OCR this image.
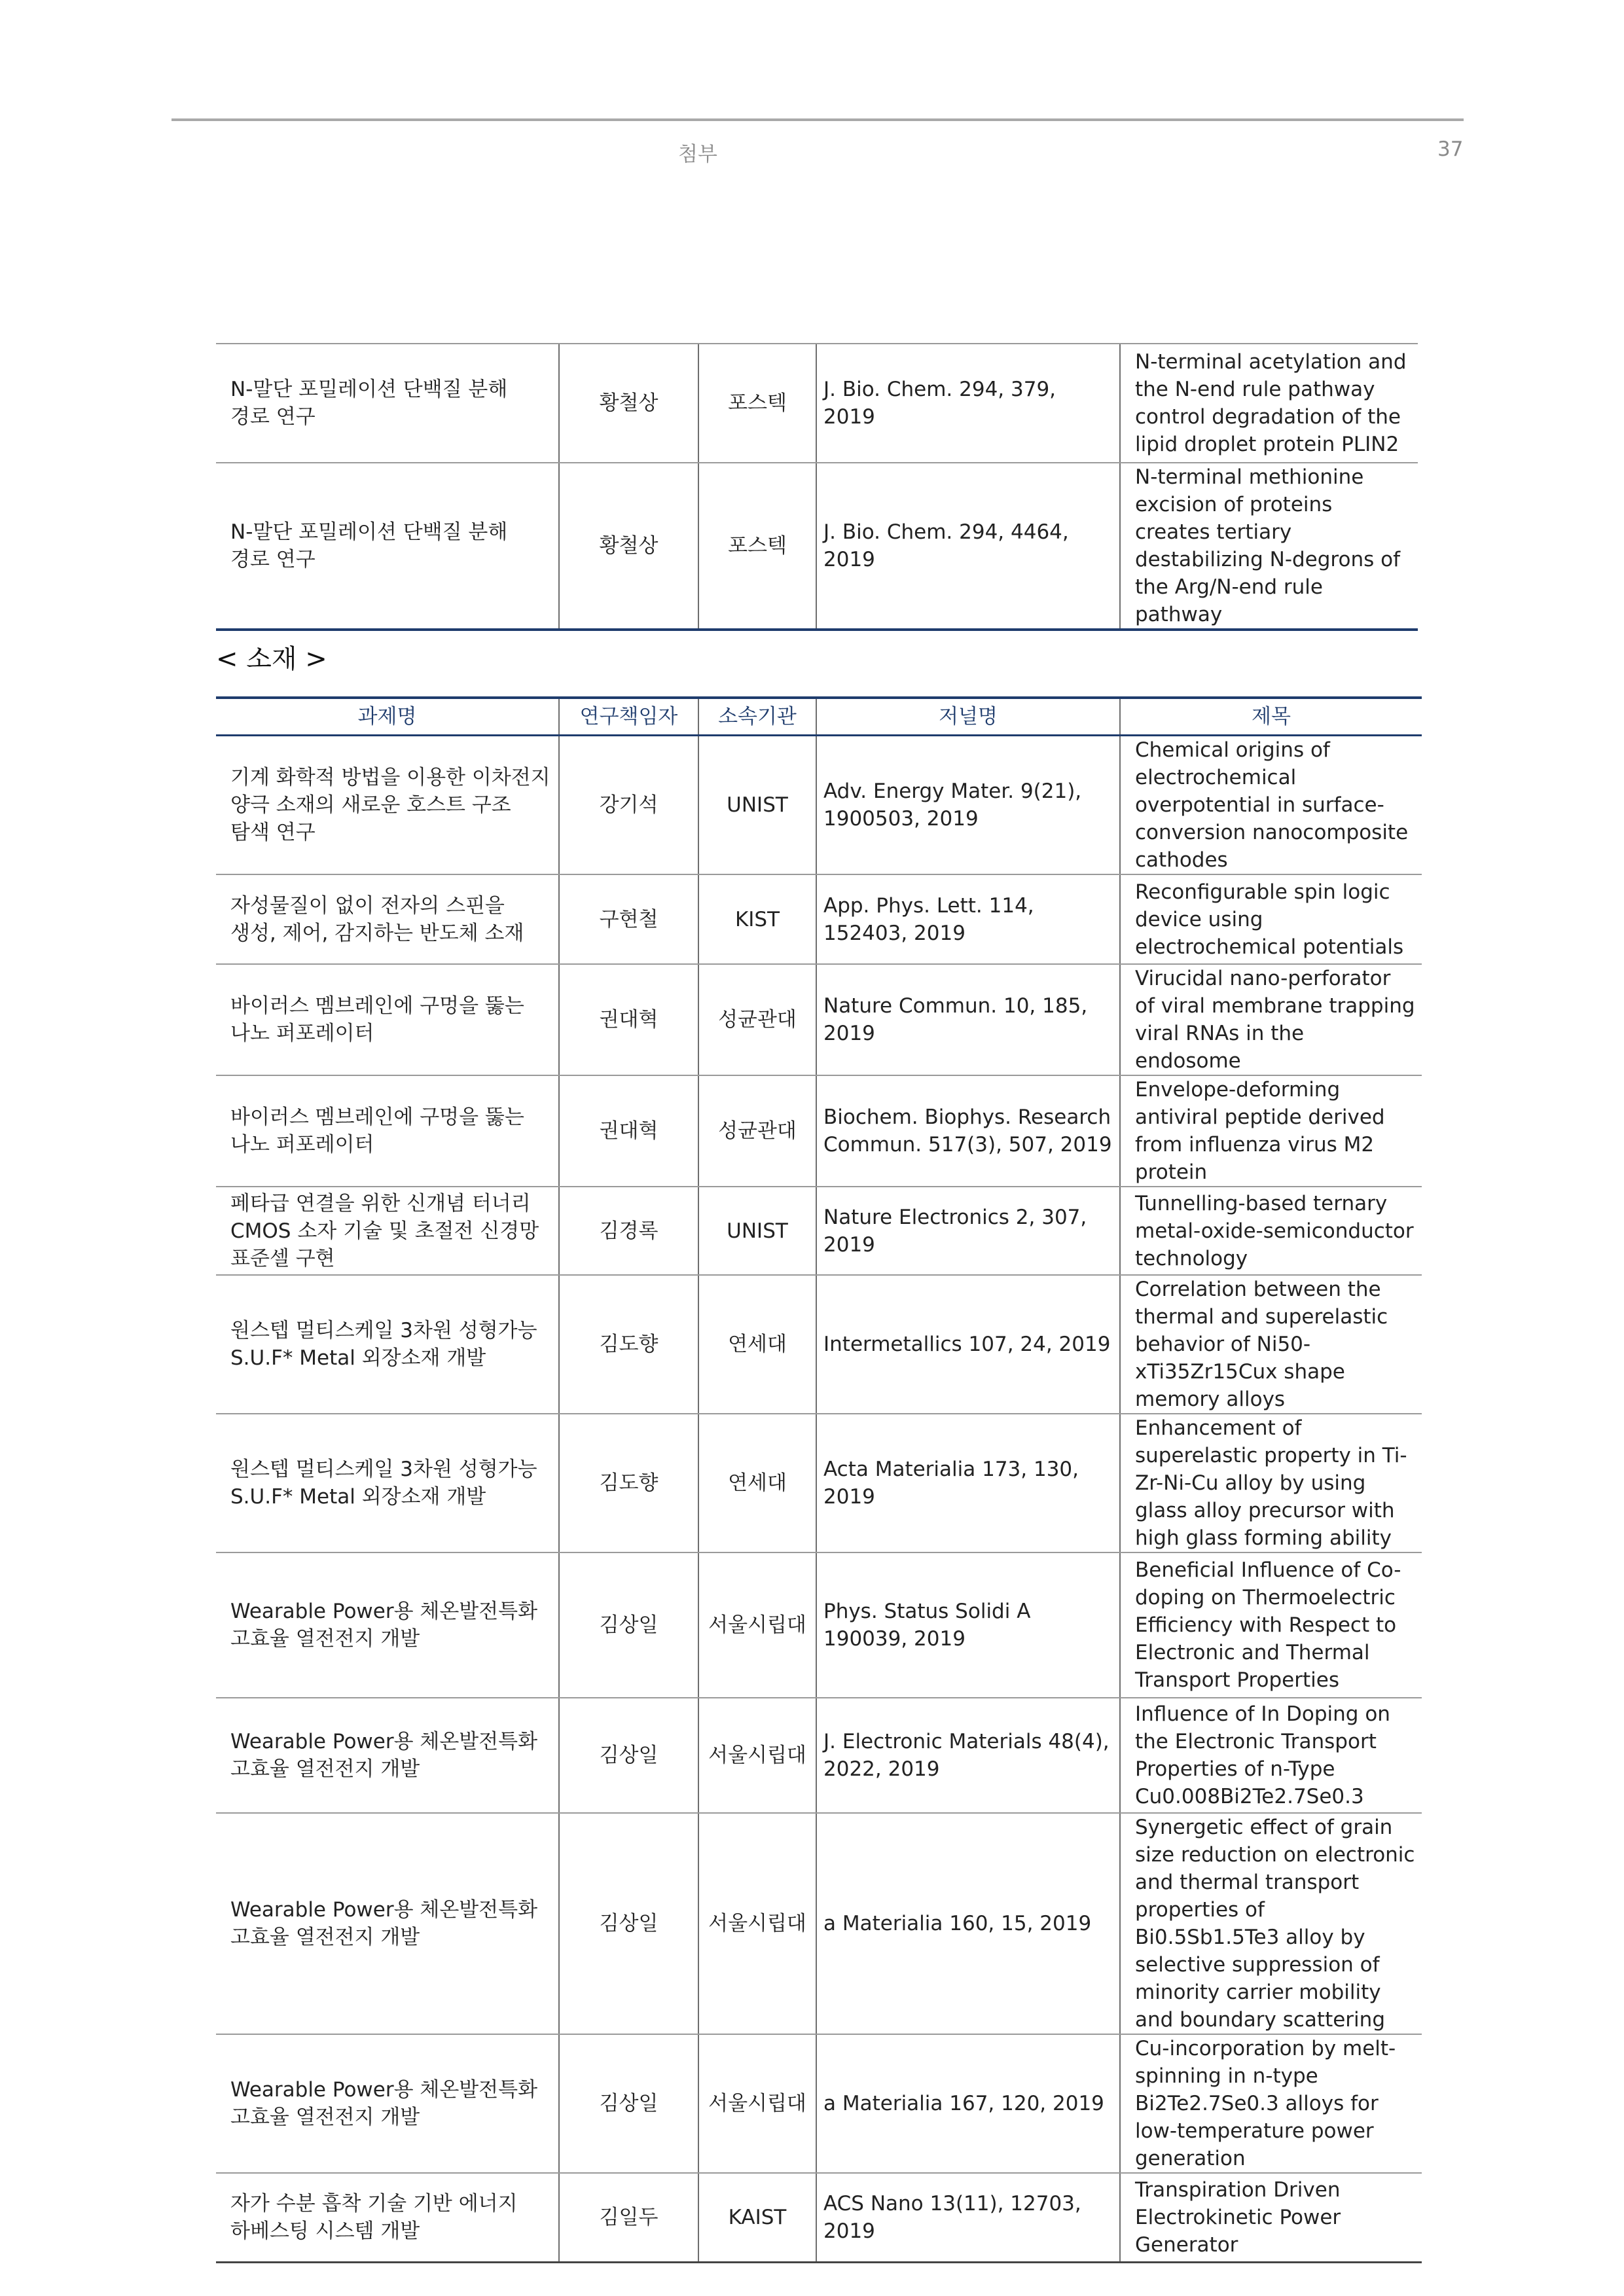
첨부	37
N-말단 포밀레이션 단백질 분해 경로 연구	황철상	포스텍	J. Bio. Chem. 294, 379, 2019	N-terminal acetylation and the N-end rule pathway control degradation of the lipid droplet protein PLIN2
N-말단 포밀레이션 단백질 분해 경로 연구	황철상	포스텍	J. Bio. Chem. 294, 4464, 2019	N-terminal methionine excision of proteins creates tertiary destabilizing N-degrons of the Arg/N-end rule pathway
< 소재 >
과제명	연구책임자	소속기관	저널명	제목
기계 화학적 방법을 이용한 이차전지 양극 소재의 새로운 호스트 구조 탐색 연구	강기석	UNIST	Adv. Energy Mater. 9(21), 1900503, 2019	Chemical origins of electrochemical overpotential in surface-conversion nanocomposite cathodes
자성물질이 없이 전자의 스핀을 생성, 제어, 감지하는 반도체 소재	구현철	KIST	App. Phys. Lett. 114, 152403, 2019	Reconfigurable spin logic device using electrochemical potentials
바이러스 멤브레인에 구멍을 뚫는 나노 퍼포레이터	권대혁	성균관대	Nature Commun. 10, 185, 2019	Virucidal nano-perforator of viral membrane trapping viral RNAs in the endosome
바이러스 멤브레인에 구멍을 뚫는 나노 퍼포레이터	권대혁	성균관대	Biochem. Biophys. Research Commun. 517(3), 507, 2019	Envelope-deforming antiviral peptide derived from influenza virus M2 protein
페타급 연결을 위한 신개념 터너리 CMOS 소자 기술 및 초절전 신경망 표준셀 구현	김경록	UNIST	Nature Electronics 2, 307, 2019	Tunnelling-based ternary metal-oxide-semiconductor technology
원스텝 멀티스케일 3차원 성형가능 S.U.F* Metal 외장소재 개발	김도향	연세대	Intermetallics 107, 24, 2019	Correlation between the thermal and superelastic behavior of Ni50-xTi35Zr15Cux shape memory alloys
원스텝 멀티스케일 3차원 성형가능 S.U.F* Metal 외장소재 개발	김도향	연세대	Acta Materialia 173, 130, 2019	Enhancement of superelastic property in Ti-Zr-Ni-Cu alloy by using glass alloy precursor with high glass forming ability
Wearable Power용 체온발전특화 고효율 열전전지 개발	김상일	서울시립대	Phys. Status Solidi A 190039, 2019	Beneficial Influence of Co-doping on Thermoelectric Efficiency with Respect to Electronic and Thermal Transport Properties
Wearable Power용 체온발전특화 고효율 열전전지 개발	김상일	서울시립대	J. Electronic Materials 48(4), 2022, 2019	Influence of In Doping on the Electronic Transport Properties of n-Type Cu0.008Bi2Te2.7Se0.3
Wearable Power용 체온발전특화 고효율 열전전지 개발	김상일	서울시립대	a Materialia 160, 15, 2019	Synergetic effect of grain size reduction on electronic and thermal transport properties of Bi0.5Sb1.5Te3 alloy by selective suppression of minority carrier mobility and boundary scattering
Wearable Power용 체온발전특화 고효율 열전전지 개발	김상일	서울시립대	a Materialia 167, 120, 2019	Cu-incorporation by melt-spinning in n-type Bi2Te2.7Se0.3 alloys for low-temperature power generation
자가 수분 흡착 기술 기반 에너지 하베스팅 시스템 개발	김일두	KAIST	ACS Nano 13(11), 12703, 2019	Transpiration Driven Electrokinetic Power Generator
